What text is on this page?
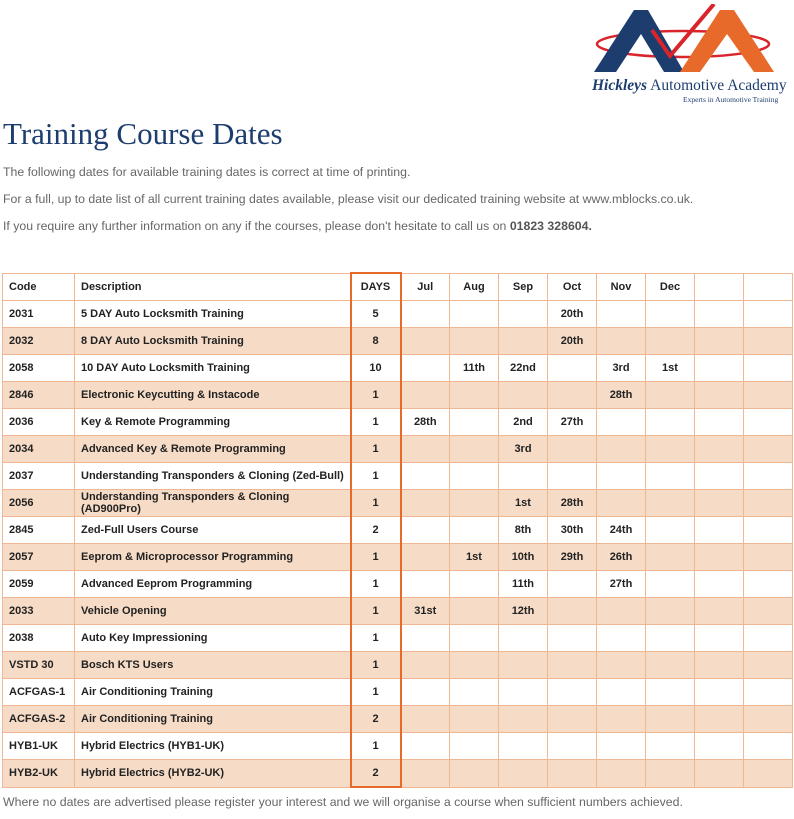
Hickleys Automotive Academy
Experts in Automotive Training
Training Course Dates

The following dates for available training dates is correct at time of printing.

For a full, up to date list of all current training dates available, please visit our dedicated training website at www.mblocks.co.uk.

If you require any further information on any if the courses, please don't hesitate to call us on 01823 328604.

Code	Description	DAYS	Jul	Aug	Sep	Oct	Nov	Dec		
2031	5 DAY Auto Locksmith Training	5				20th				
2032	8 DAY Auto Locksmith Training	8				20th				
2058	10 DAY Auto Locksmith Training	10		11th	22nd		3rd	1st		
2846	Electronic Keycutting & Instacode	1					28th			
2036	Key & Remote Programming	1	28th		2nd	27th				
2034	Advanced Key & Remote Programming	1			3rd					
2037	Understanding Transponders & Cloning (Zed-Bull)	1								
2056	Understanding Transponders & Cloning (AD900Pro)	1			1st	28th				
2845	Zed-Full Users Course	2			8th	30th	24th			
2057	Eeprom & Microprocessor Programming	1		1st	10th	29th	26th			
2059	Advanced Eeprom Programming	1			11th		27th			
2033	Vehicle Opening	1	31st		12th					
2038	Auto Key Impressioning	1								
VSTD 30	Bosch KTS Users	1								
ACFGAS-1	Air Conditioning Training	1								
ACFGAS-2	Air Conditioning Training	2								
HYB1-UK	Hybrid Electrics (HYB1-UK)	1								
HYB2-UK	Hybrid Electrics (HYB2-UK)	2								

Where no dates are advertised please register your interest and we will organise a course when sufficient numbers achieved.
